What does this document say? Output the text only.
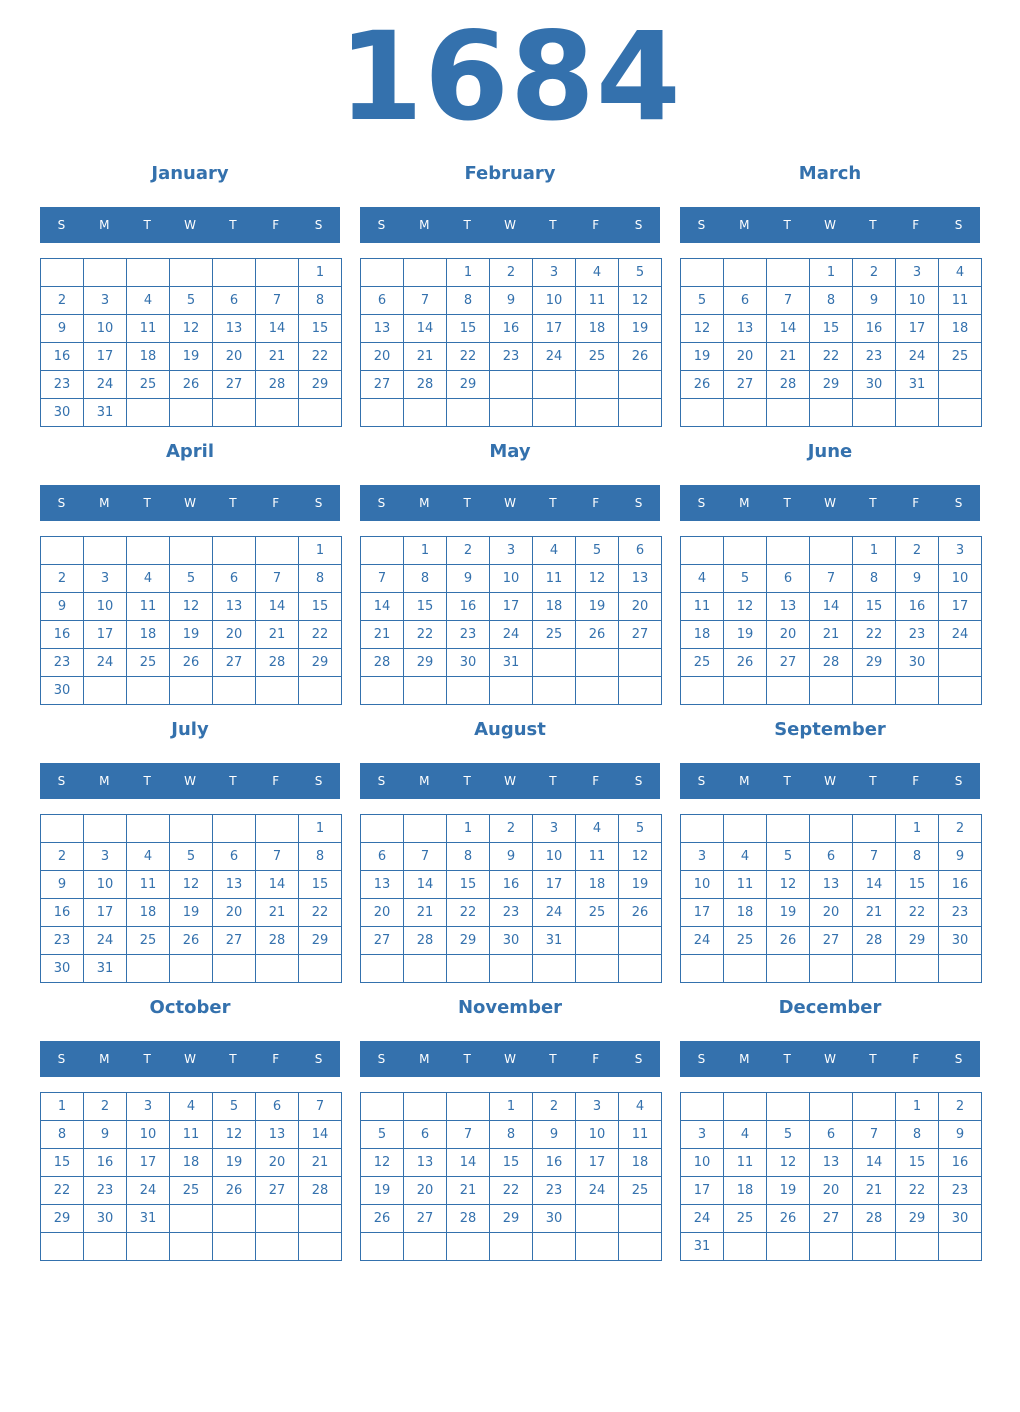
1684
January
S	M	T	W	T	F	S
						1
2	3	4	5	6	7	8
9	10	11	12	13	14	15
16	17	18	19	20	21	22
23	24	25	26	27	28	29
30	31					
February
S	M	T	W	T	F	S
		1	2	3	4	5
6	7	8	9	10	11	12
13	14	15	16	17	18	19
20	21	22	23	24	25	26
27	28	29				

March
S	M	T	W	T	F	S
			1	2	3	4
5	6	7	8	9	10	11
12	13	14	15	16	17	18
19	20	21	22	23	24	25
26	27	28	29	30	31	

April
S	M	T	W	T	F	S
						1
2	3	4	5	6	7	8
9	10	11	12	13	14	15
16	17	18	19	20	21	22
23	24	25	26	27	28	29
30						
May
S	M	T	W	T	F	S
	1	2	3	4	5	6
7	8	9	10	11	12	13
14	15	16	17	18	19	20
21	22	23	24	25	26	27
28	29	30	31			

June
S	M	T	W	T	F	S
				1	2	3
4	5	6	7	8	9	10
11	12	13	14	15	16	17
18	19	20	21	22	23	24
25	26	27	28	29	30	

July
S	M	T	W	T	F	S
						1
2	3	4	5	6	7	8
9	10	11	12	13	14	15
16	17	18	19	20	21	22
23	24	25	26	27	28	29
30	31					
August
S	M	T	W	T	F	S
		1	2	3	4	5
6	7	8	9	10	11	12
13	14	15	16	17	18	19
20	21	22	23	24	25	26
27	28	29	30	31		

September
S	M	T	W	T	F	S
					1	2
3	4	5	6	7	8	9
10	11	12	13	14	15	16
17	18	19	20	21	22	23
24	25	26	27	28	29	30

October
S	M	T	W	T	F	S
1	2	3	4	5	6	7
8	9	10	11	12	13	14
15	16	17	18	19	20	21
22	23	24	25	26	27	28
29	30	31				

November
S	M	T	W	T	F	S
			1	2	3	4
5	6	7	8	9	10	11
12	13	14	15	16	17	18
19	20	21	22	23	24	25
26	27	28	29	30		

December
S	M	T	W	T	F	S
					1	2
3	4	5	6	7	8	9
10	11	12	13	14	15	16
17	18	19	20	21	22	23
24	25	26	27	28	29	30
31						
